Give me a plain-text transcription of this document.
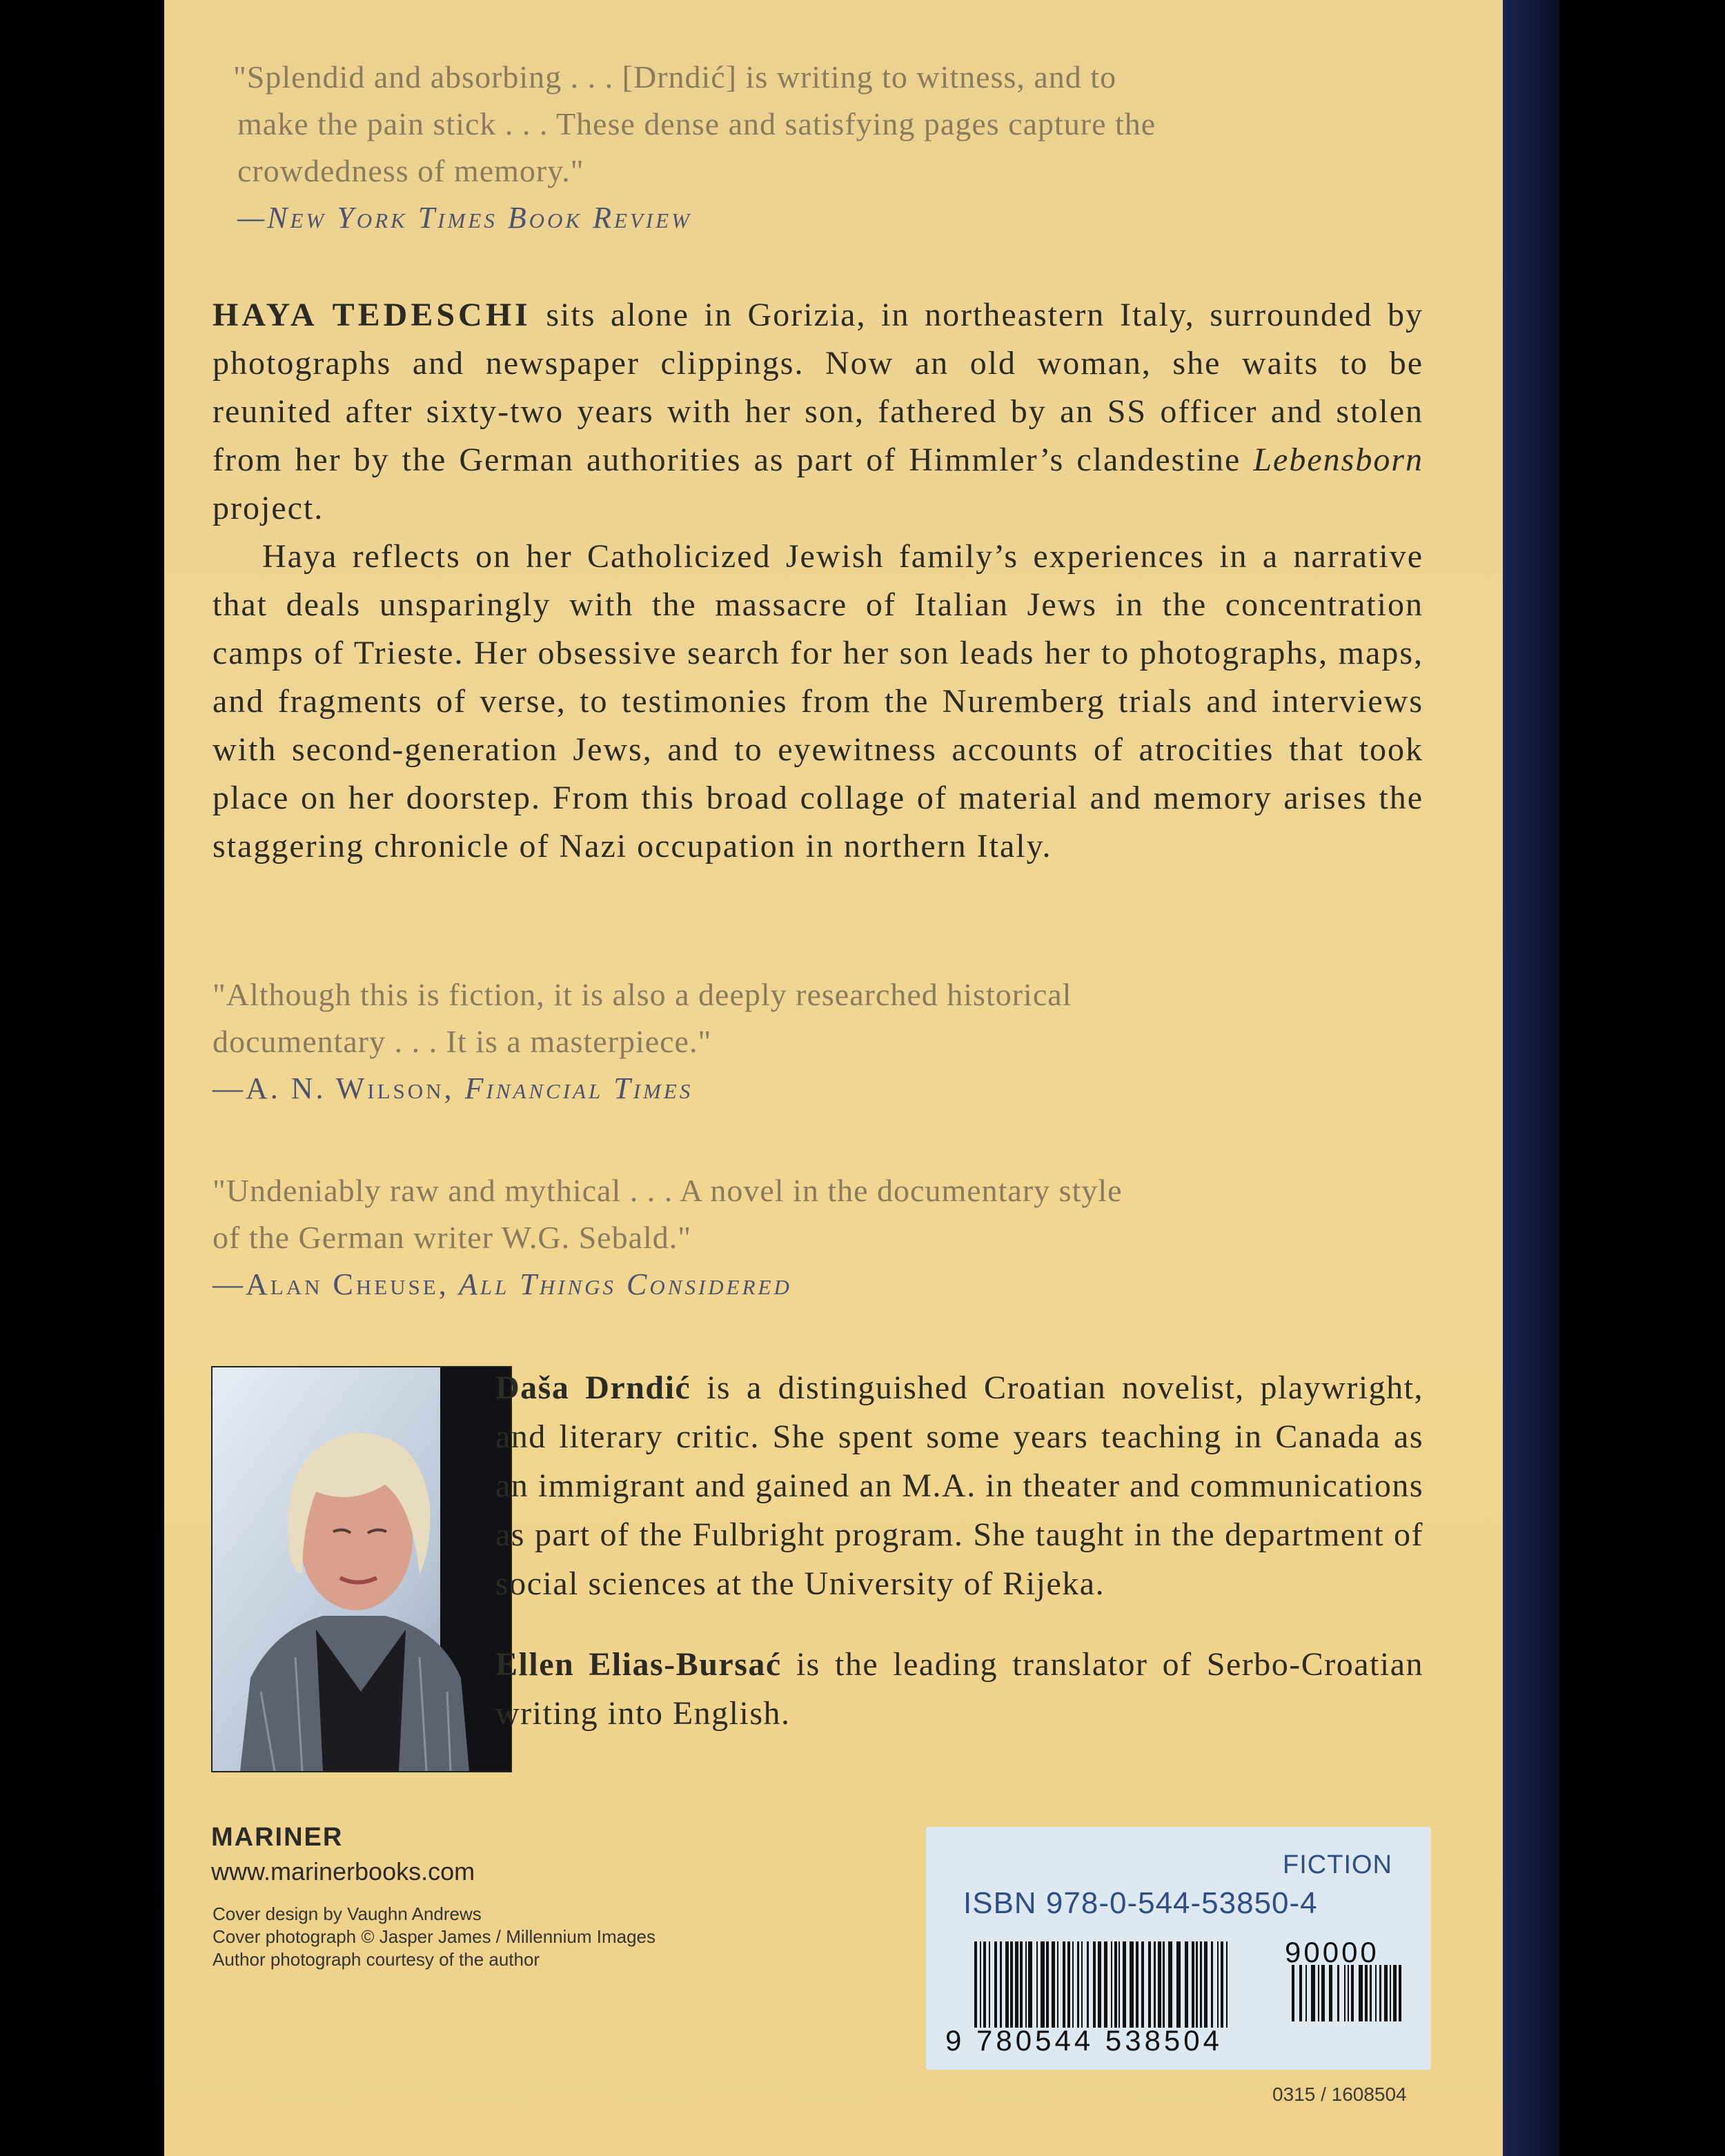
"Splendid and absorbing . . . [Drndić] is writing to witness, and to
make the pain stick . . . These dense and satisfying pages capture the
crowdedness of memory."
—New York Times Book Review

HAYA TEDESCHI sits alone in Gorizia, in northeastern Italy, surrounded by photographs and newspaper clippings. Now an old woman, she waits to be reunited after sixty-two years with her son, fathered by an SS officer and stolen from her by the German authorities as part of Himmler’s clandestine Lebensborn project.

Haya reflects on her Catholicized Jewish family’s experiences in a narrative that deals unsparingly with the massacre of Italian Jews in the concentration camps of Trieste. Her obsessive search for her son leads her to photographs, maps, and fragments of verse, to testimonies from the Nuremberg trials and interviews with second-generation Jews, and to eyewitness accounts of atrocities that took place on her doorstep. From this broad collage of material and memory arises the staggering chronicle of Nazi occupation in northern Italy.

"Although this is fiction, it is also a deeply researched historical
documentary . . . It is a masterpiece."
—A. N. Wilson, Financial Times
"Undeniably raw and mythical . . . A novel in the documentary style
of the German writer W.G. Sebald."
—Alan Cheuse, All Things Considered

Daša Drndić is a distinguished Croatian novelist, playwright, and literary critic. She spent some years teaching in Canada as an immigrant and gained an M.A. in theater and communications as part of the Fulbright program. She taught in the department of social sciences at the University of Rijeka.

Ellen Elias-Bursać is the leading translator of Serbo-Croatian writing into English.

MARINER
www.marinerbooks.com
Cover design by Vaughn Andrews
Cover photograph © Jasper James / Millennium Images
Author photograph courtesy of the author
FICTION
ISBN 978-0-544-53850-4
9 780544 538504
90000
0315 / 1608504
